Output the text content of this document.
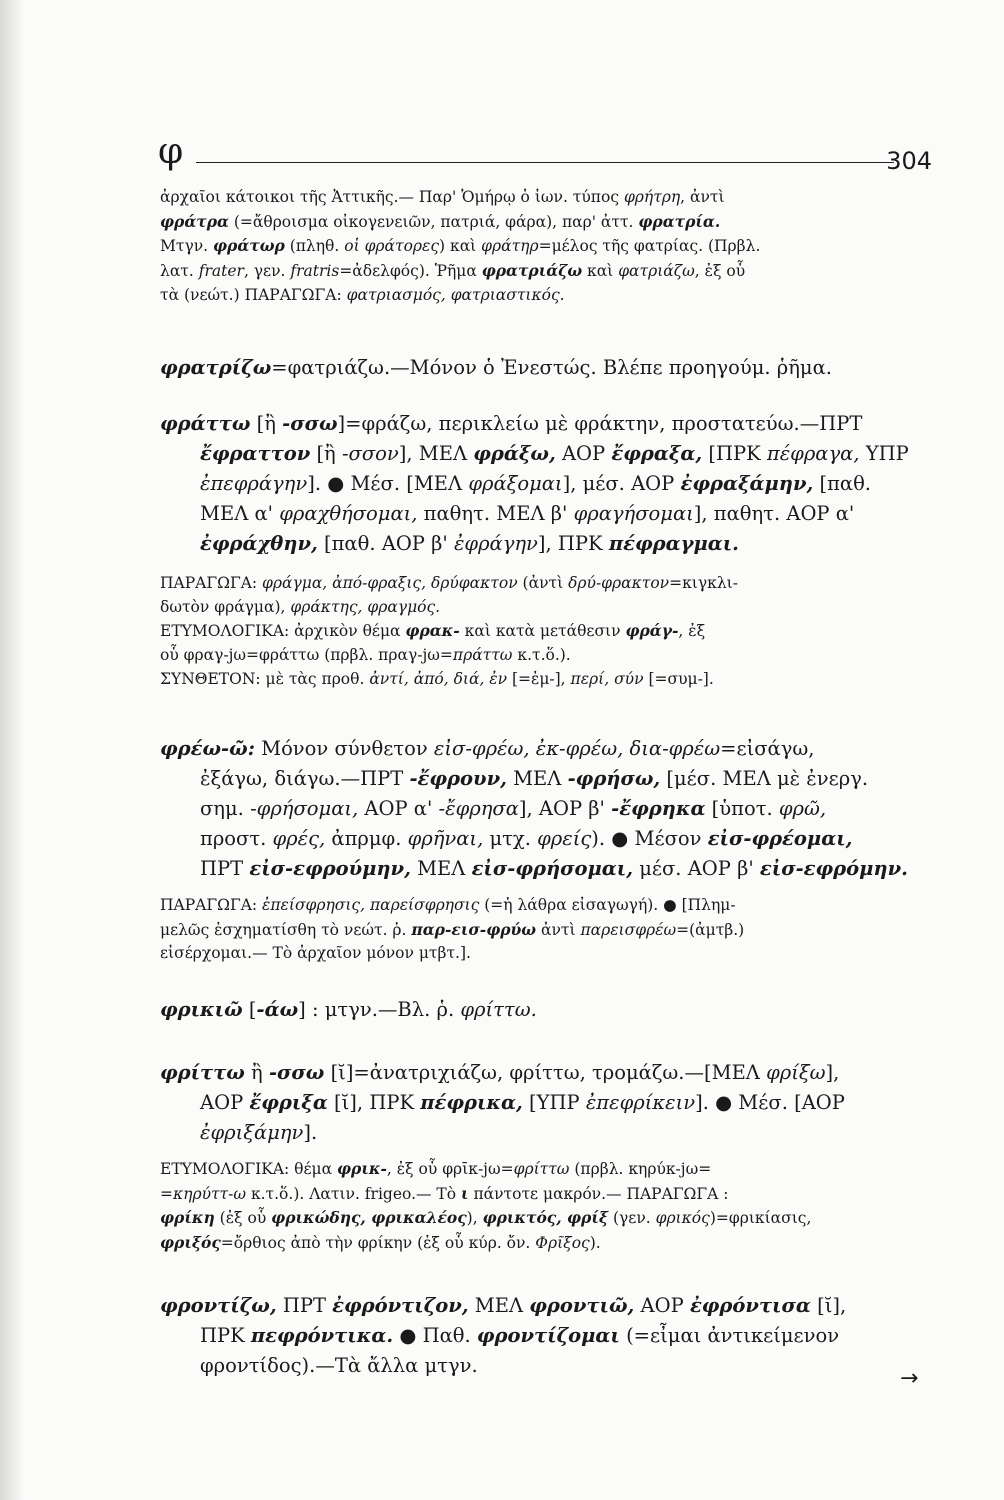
φ	304
ἀρχαῖοι κάτοικοι τῆς Ἀττικῆς.— Παρ' Ὁμήρῳ ὁ ἰων. τύπος φρήτρη, ἀντὶ
φράτρα (=ἄθροισμα οἰκογενειῶν, πατριά, φάρα), παρ' ἀττ. φρατρία.
Μτγν. φράτωρ (πληθ. οἱ φράτορες) καὶ φράτηρ=μέλος τῆς φατρίας. (Πρβλ.
λατ. frater, γεν. fratris=ἀδελφός). Ῥῆμα φρατριάζω καὶ φατριάζω, ἐξ οὗ
τὰ (νεώτ.) ΠΑΡΑΓΩΓΑ: φατριασμός, φατριαστικός.
φρατρίζω=φατριάζω.—Μόνον ὁ Ἐνεστώς. Βλέπε προηγούμ. ῥῆμα.
φράττω [ἢ -σσω]=φράζω, περικλείω μὲ φράκτην, προστατεύω.—ΠΡΤ
ἔφραττον [ἢ -σσον], ΜΕΛ φράξω, ΑΟΡ ἔφραξα, [ΠΡΚ πέφραγα, ΥΠΡ
ἐπεφράγην]. ● Μέσ. [ΜΕΛ φράξομαι], μέσ. ΑΟΡ ἐφραξάμην, [παθ.
ΜΕΛ α' φραχθήσομαι, παθητ. ΜΕΛ β' φραγήσομαι], παθητ. ΑΟΡ α'
ἐφράχθην, [παθ. ΑΟΡ β' ἐφράγην], ΠΡΚ πέφραγμαι.
ΠΑΡΑΓΩΓΑ: φράγμα, ἀπό-φραξις, δρύφακτον (ἀντὶ δρύ-φρακτον=κιγκλι-
δωτὸν φράγμα), φράκτης, φραγμός.
ΕΤΥΜΟΛΟΓΙΚΑ: ἀρχικὸν θέμα φρακ- καὶ κατὰ μετάθεσιν φράγ-, ἐξ
οὗ φραγ-jω=φράττω (πρβλ. πραγ-jω=πράττω κ.τ.ὅ.).
ΣΥΝΘΕΤΟΝ: μὲ τὰς προθ. ἀντί, ἀπό, διά, ἐν [=ἐμ-], περί, σύν [=συμ-].
φρέω-ῶ: Μόνον σύνθετον εἰσ-φρέω, ἐκ-φρέω, δια-φρέω=εἰσάγω,
ἐξάγω, διάγω.—ΠΡΤ -ἔφρουν, ΜΕΛ -φρήσω, [μέσ. ΜΕΛ μὲ ἐνεργ.
σημ. -φρήσομαι, ΑΟΡ α' -ἔφρησα], ΑΟΡ β' -ἔφρηκα [ὑποτ. φρῶ,
προστ. φρές, ἀπρμφ. φρῆναι, μτχ. φρείς). ● Μέσον εἰσ-φρέομαι,
ΠΡΤ εἰσ-εφρούμην, ΜΕΛ εἰσ-φρήσομαι, μέσ. ΑΟΡ β' εἰσ-εφρόμην.
ΠΑΡΑΓΩΓΑ: ἐπείσφρησις, παρείσφρησις (=ἡ λάθρα εἰσαγωγή). ● [Πλημ-
μελῶς ἐσχηματίσθη τὸ νεώτ. ῥ. παρ-εισ-φρύω ἀντὶ παρεισφρέω=(ἀμτβ.)
εἰσέρχομαι.— Τὸ ἀρχαῖον μόνον μτβτ.].
φρικιῶ [-άω] : μτγν.—Βλ. ῥ. φρίττω.
φρίττω ἢ -σσω [ῐ]=ἀνατριχιάζω, φρίττω, τρομάζω.—[ΜΕΛ φρίξω],
ΑΟΡ ἔφριξα [ῐ], ΠΡΚ πέφρικα, [ΥΠΡ ἐπεφρίκειν]. ● Μέσ. [ΑΟΡ
ἐφριξάμην].
ΕΤΥΜΟΛΟΓΙΚΑ: θέμα φρικ-, ἐξ οὗ φρῑκ-jω=φρίττω (πρβλ. κηρύκ-jω=
=κηρύττ-ω κ.τ.ὅ.). Λατιν. frigeo.— Τὸ ι πάντοτε μακρόν.— ΠΑΡΑΓΩΓΑ :
φρίκη (ἐξ οὗ φρικώδης, φρικαλέος), φρικτός, φρίξ (γεν. φρικός)=φρικίασις,
φριξός=ὄρθιος ἀπὸ τὴν φρίκην (ἐξ οὗ κύρ. ὄν. Φρῖξος).
φροντίζω, ΠΡΤ ἐφρόντιζον, ΜΕΛ φροντιῶ, ΑΟΡ ἐφρόντισα [ῐ],
ΠΡΚ πεφρόντικα. ● Παθ. φροντίζομαι (=εἶμαι ἀντικείμενον
φροντίδος).—Τὰ ἄλλα μτγν.
→
